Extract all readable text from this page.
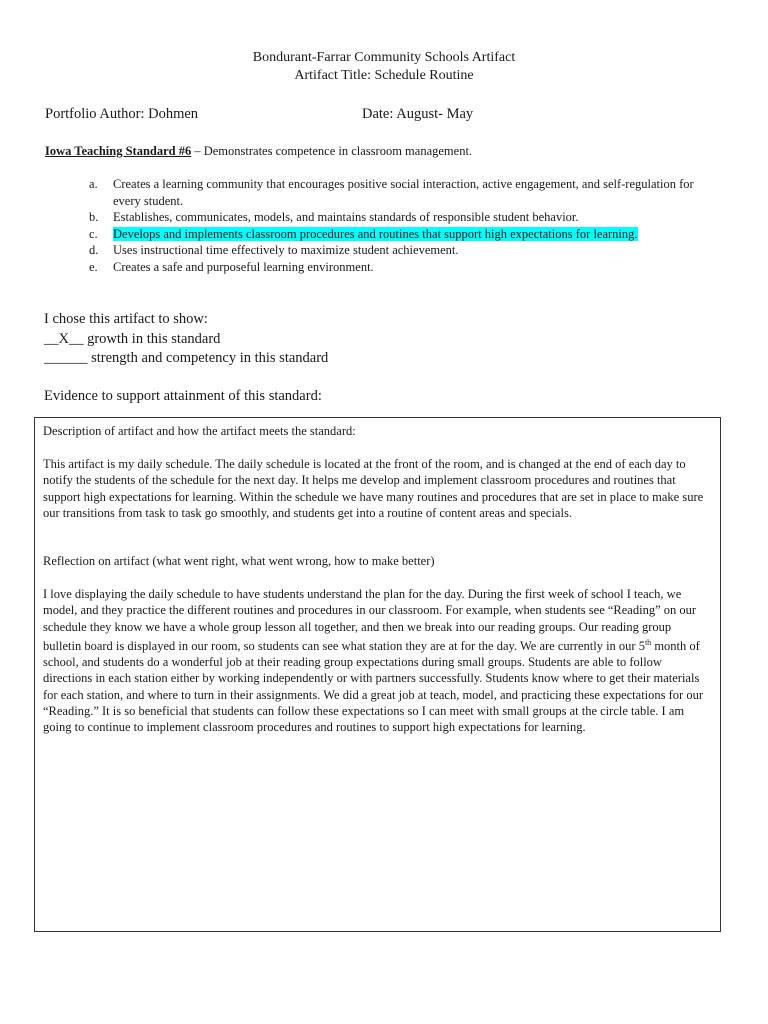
Bondurant-Farrar Community Schools Artifact
Artifact Title: Schedule Routine
Portfolio Author: Dohmen	Date: August- May
Iowa Teaching Standard #6 – Demonstrates competence in classroom management.
a.	Creates a learning community that encourages positive social interaction, active engagement, and self-regulation for every student.
b.	Establishes, communicates, models, and maintains standards of responsible student behavior.
c.	Develops and implements classroom procedures and routines that support high expectations for learning.
d.	Uses instructional time effectively to maximize student achievement.
e.	Creates a safe and purposeful learning environment.
I chose this artifact to show:
__X__ growth in this standard
______ strength and competency in this standard
Evidence to support attainment of this standard:

Description of artifact and how the artifact meets the standard:

This artifact is my daily schedule. The daily schedule is located at the front of the room, and is changed at the end of each day to notify the students of the schedule for the next day. It helps me develop and implement classroom procedures and routines that support high expectations for learning. Within the schedule we have many routines and procedures that are set in place to make sure our transitions from task to task go smoothly, and students get into a routine of content areas and specials.

Reflection on artifact (what went right, what went wrong, how to make better)

I love displaying the daily schedule to have students understand the plan for the day. During the first week of school I teach, we model, and they practice the different routines and procedures in our classroom. For example, when students see “Reading” on our schedule they know we have a whole group lesson all together, and then we break into our reading groups. Our reading group bulletin board is displayed in our room, so students can see what station they are at for the day. We are currently in our 5th month of school, and students do a wonderful job at their reading group expectations during small groups. Students are able to follow directions in each station either by working independently or with partners successfully. Students know where to get their materials for each station, and where to turn in their assignments. We did a great job at teach, model, and practicing these expectations for our “Reading.” It is so beneficial that students can follow these expectations so I can meet with small groups at the circle table. I am going to continue to implement classroom procedures and routines to support high expectations for learning.
